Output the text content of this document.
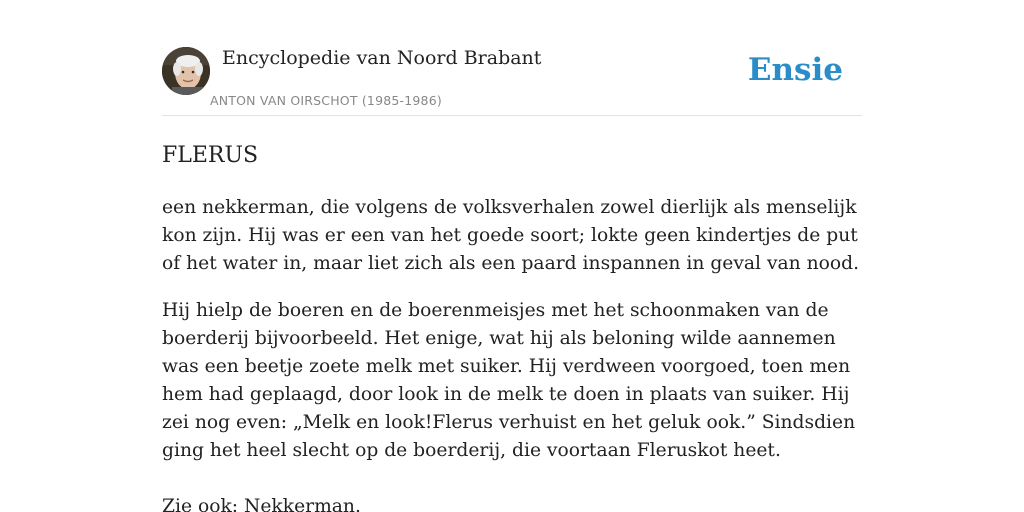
Encyclopedie van Noord Brabant
ANTON VAN OIRSCHOT (1985-1986)
Ensie
FLERUS

een nekkerman, die volgens de volksverhalen zowel dierlijk als menselijk kon zijn. Hij was er een van het goede soort; lokte geen kindertjes de put of het water in, maar liet zich als een paard inspannen in geval van nood.

Hij hielp de boeren en de boerenmeisjes met het schoonmaken van de boerderij bijvoorbeeld. Het enige, wat hij als beloning wilde aannemen was een beetje zoete melk met suiker. Hij verdween voorgoed, toen men hem had geplaagd, door look in de melk te doen in plaats van suiker. Hij zei nog even: „Melk en look!Flerus verhuist en het geluk ook.” Sindsdien ging het heel slecht op de boerderij, die voortaan Fleruskot heet.

Zie ook: Nekkerman.
